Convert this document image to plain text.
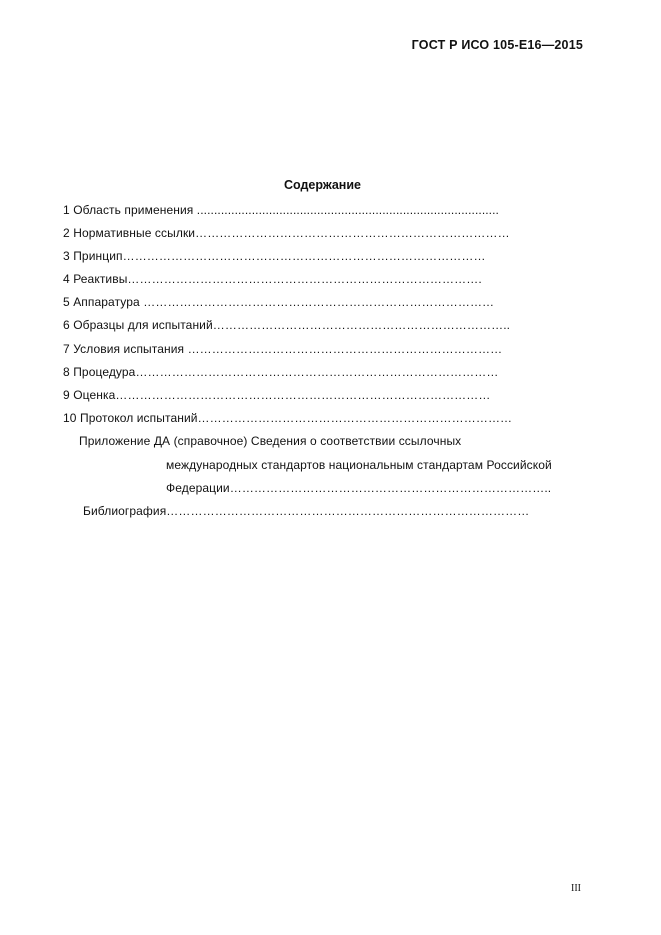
ГОСТ Р ИСО 105-Е16—2015
Содержание
1 Область применения ........................................................................................
2 Нормативные ссылки……………………………………………………………………
3 Принцип………………………………………………………………………………
4 Реактивы…………………………………………………………………………….
5 Аппаратура ……………………………………………………………………………
6 Образцы для испытаний………………………………………………………………..
7 Условия испытания ……………………………………………………………………
8 Процедура………………………………………………………………………………
9 Оценка…………………………………………………………………………………
10 Протокол испытаний……………………………………………………………………
Приложение ДА (справочное) Сведения о соответствии ссылочных
международных стандартов национальным стандартам Российской
Федерации……………………………………………………………………..
Библиография………………………………………………………………………………
III
